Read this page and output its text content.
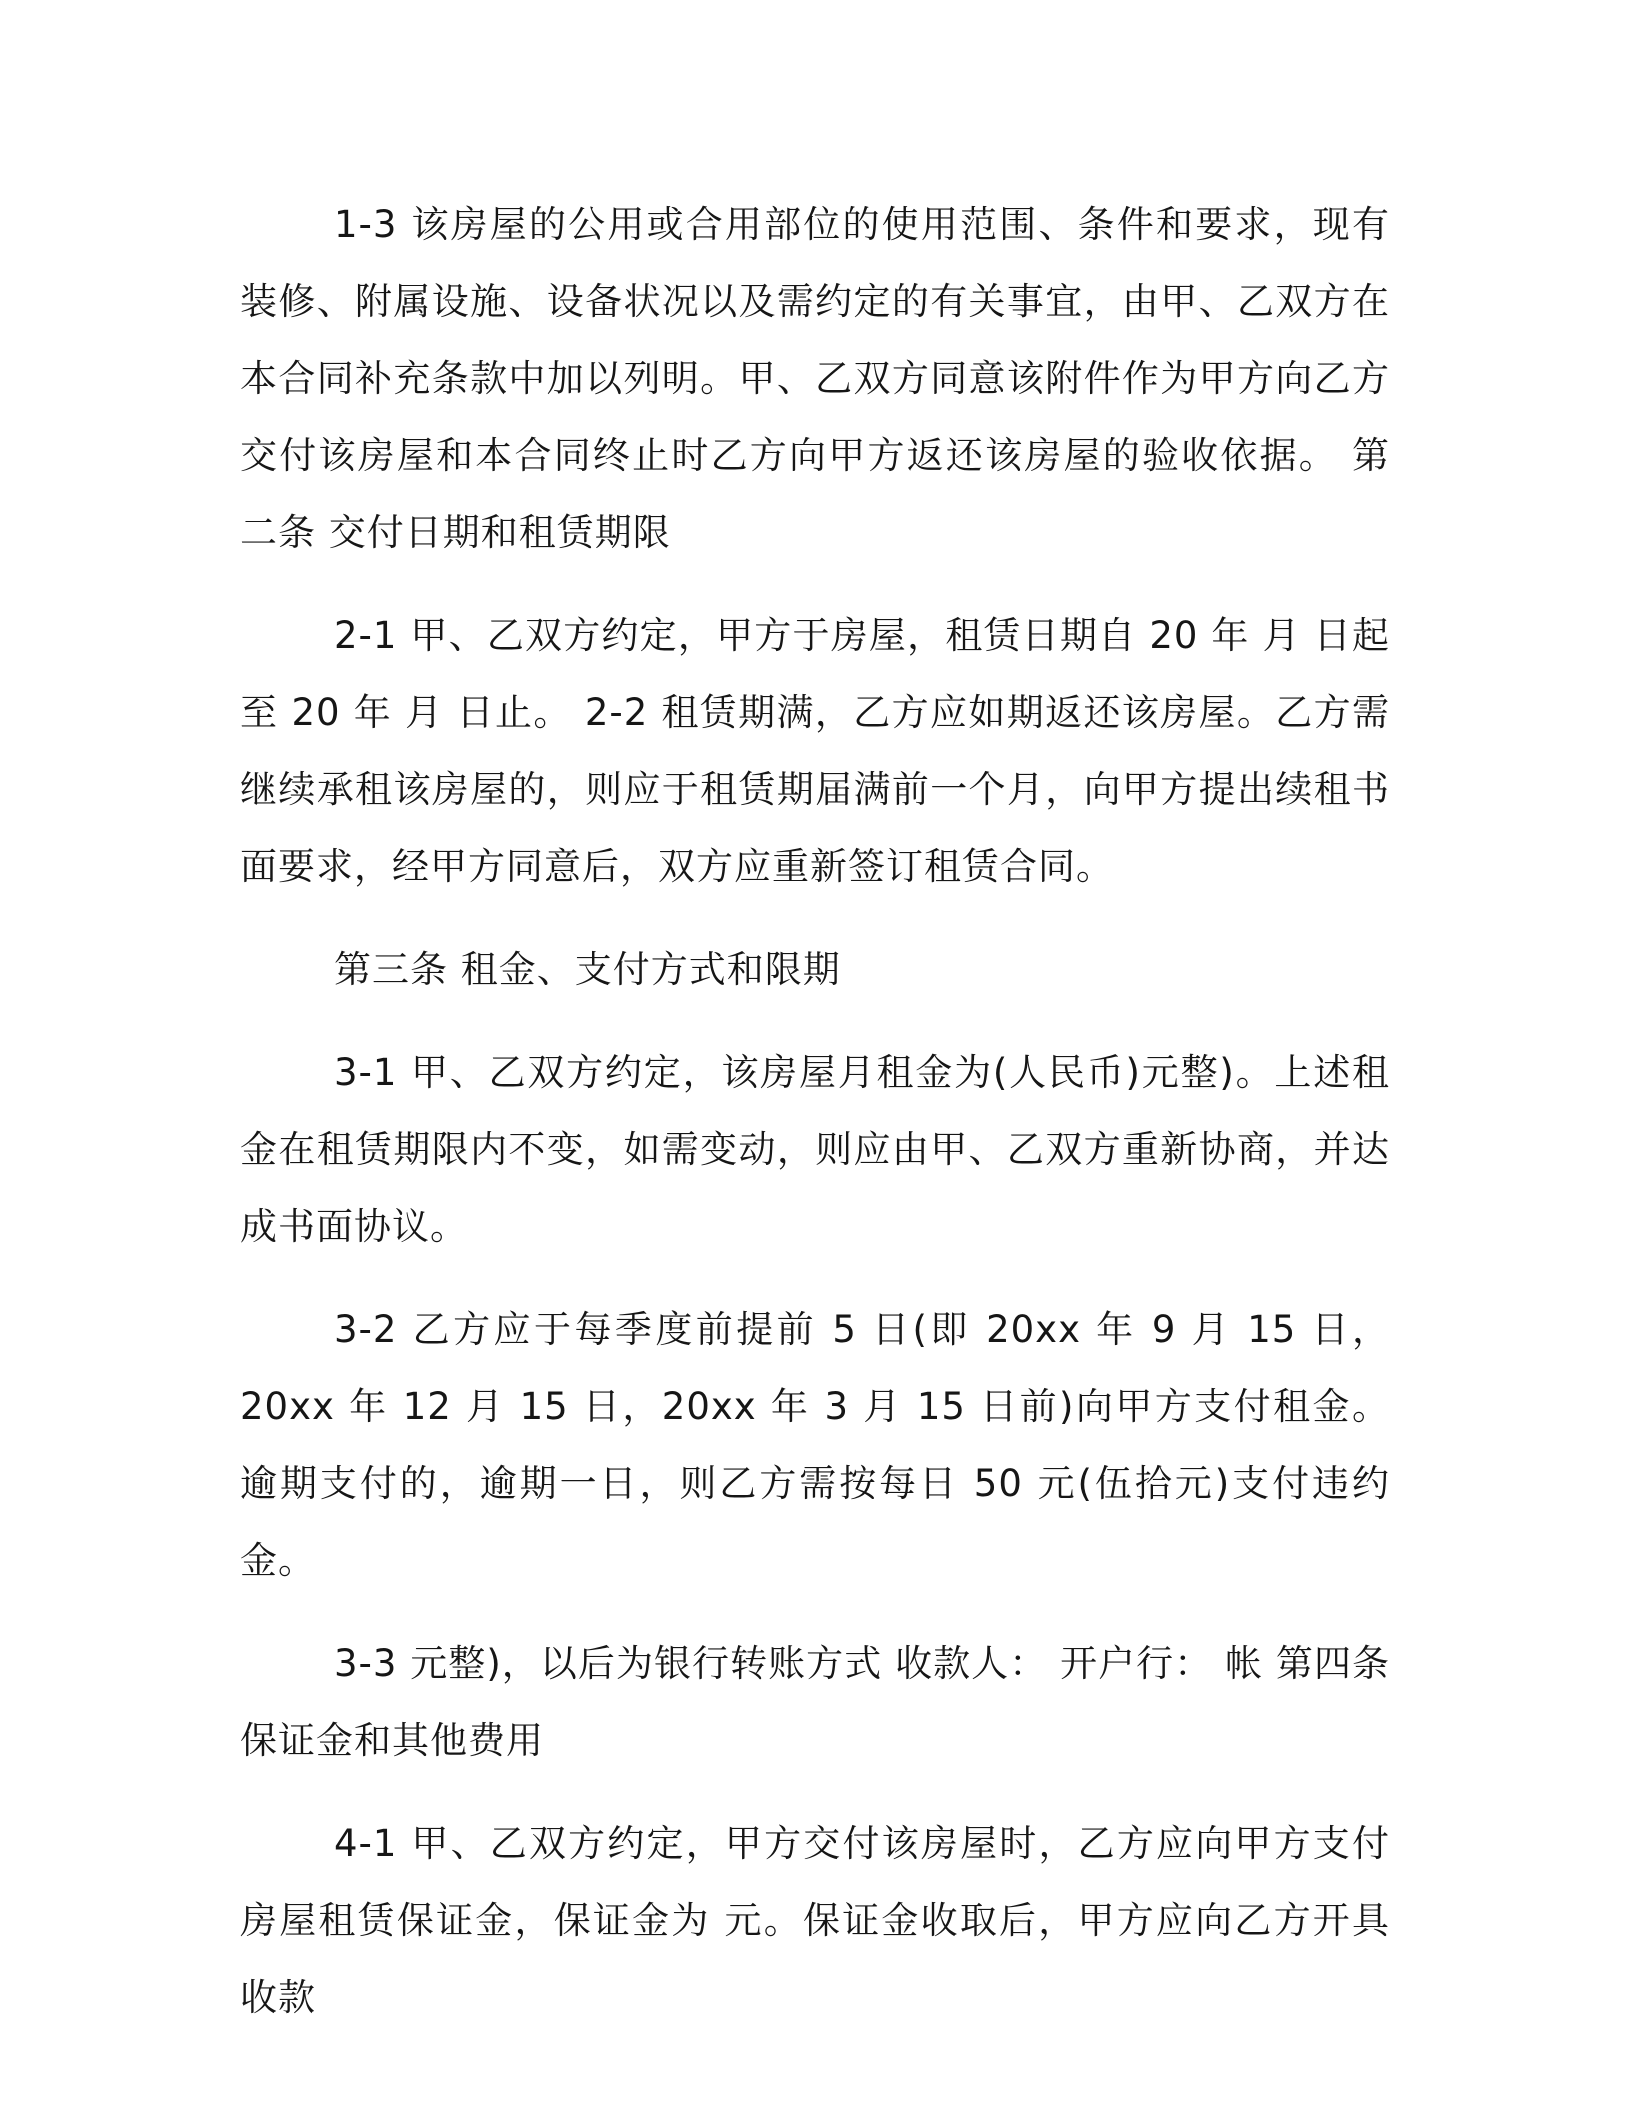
1-3 该房屋的公用或合用部位的使用范围、条件和要求，现有装修、附属设施、设备状况以及需约定的有关事宜，由甲、乙双方在本合同补充条款中加以列明。甲、乙双方同意该附件作为甲方向乙方交付该房屋和本合同终止时乙方向甲方返还该房屋的验收依据。 第二条 交付日期和租赁期限

2-1 甲、乙双方约定，甲方于房屋，租赁日期自 20 年 月 日起至 20 年 月 日止。 2-2 租赁期满，乙方应如期返还该房屋。乙方需继续承租该房屋的，则应于租赁期届满前一个月，向甲方提出续租书面要求，经甲方同意后，双方应重新签订租赁合同。

第三条 租金、支付方式和限期

3-1 甲、乙双方约定，该房屋月租金为(人民币)元整)。上述租金在租赁期限内不变，如需变动，则应由甲、乙双方重新协商，并达成书面协议。

3-2 乙方应于每季度前提前 5 日(即 20xx 年 9 月 15 日，20xx 年 12 月 15 日，20xx 年 3 月 15 日前)向甲方支付租金。逾期支付的，逾期一日，则乙方需按每日 50 元(伍拾元)支付违约金。

3-3 元整)，以后为银行转账方式 收款人： 开户行： 帐 第四条 保证金和其他费用

4-1 甲、乙双方约定，甲方交付该房屋时，乙方应向甲方支付房屋租赁保证金，保证金为 元。保证金收取后，甲方应向乙方开具收款
